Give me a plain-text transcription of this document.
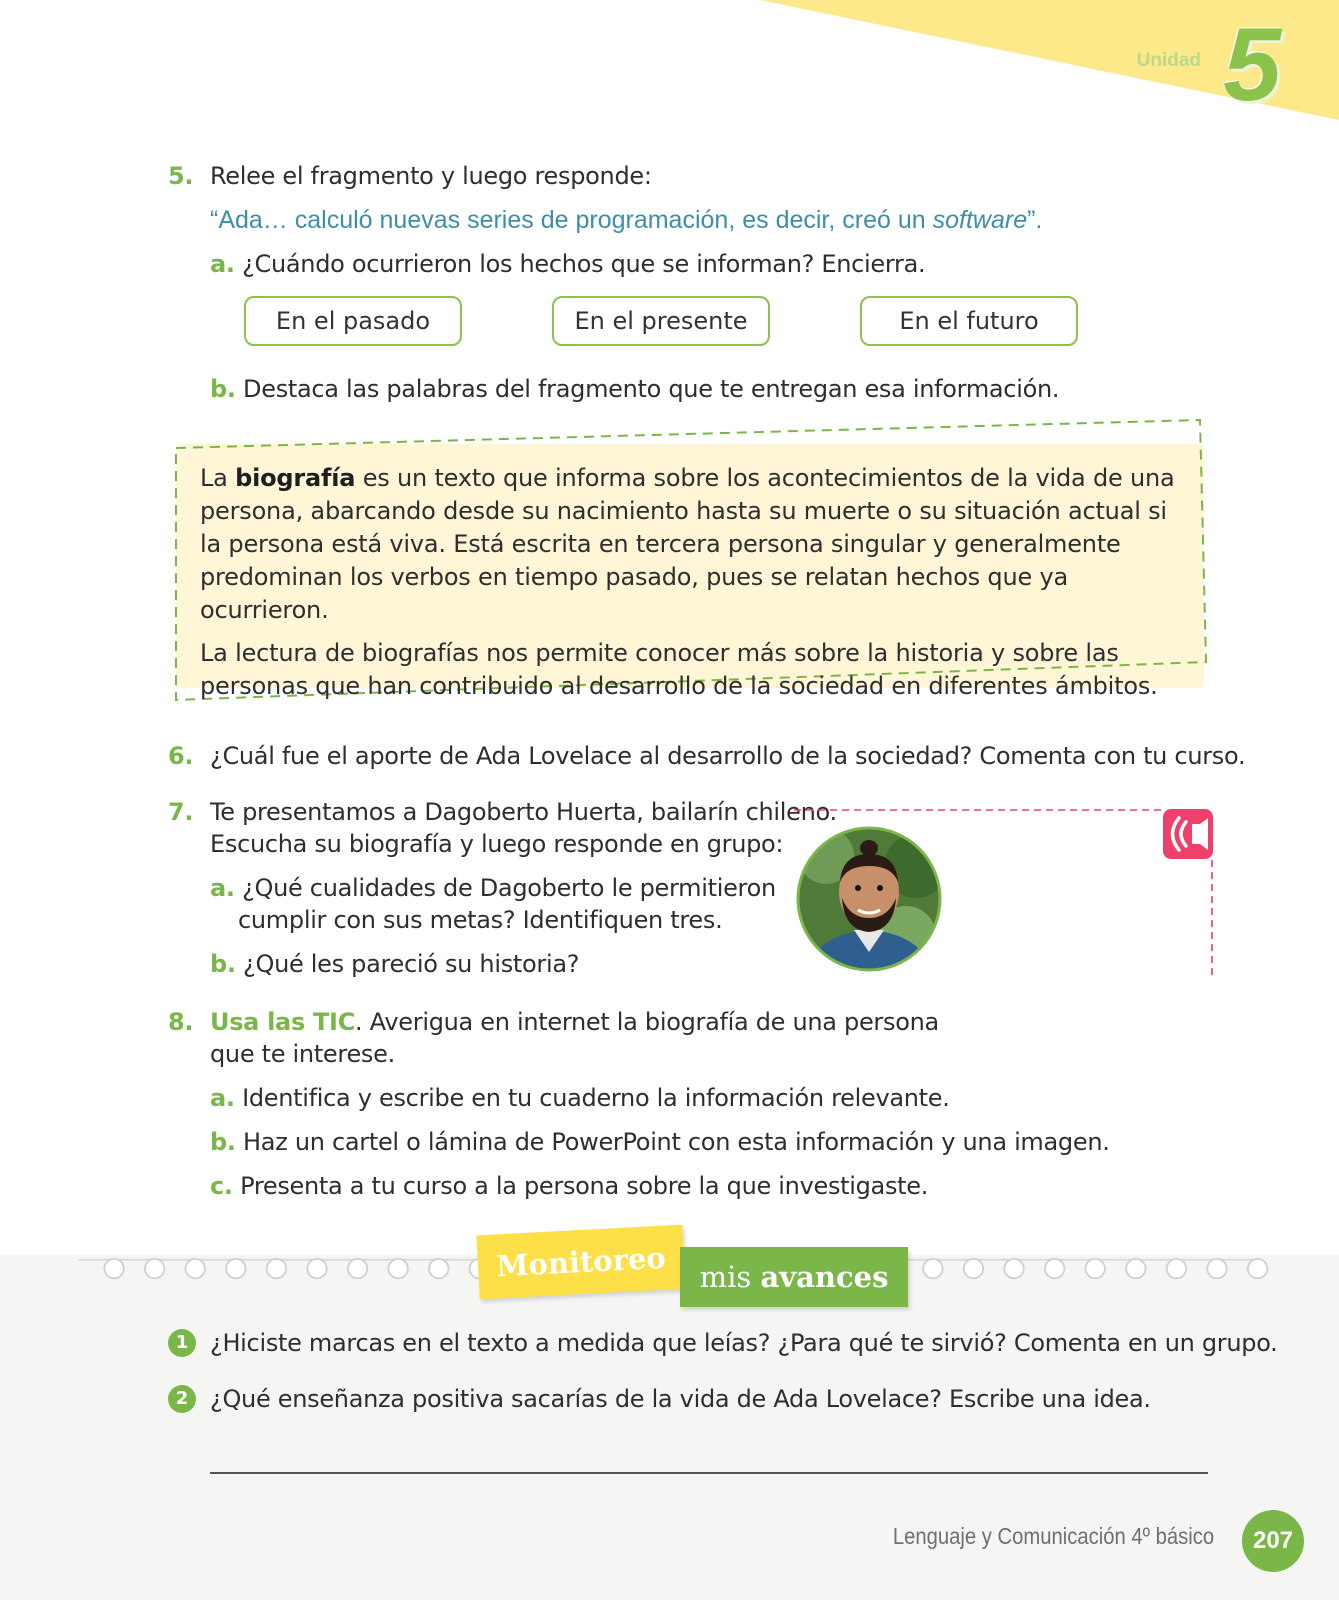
Unidad 5
5. Relee el fragmento y luego responde:
“Ada… calculó nuevas series de programación, es decir, creó un software”.
a. ¿Cuándo ocurrieron los hechos que se informan? Encierra.
En el pasado	En el presente	En el futuro
b. Destaca las palabras del fragmento que te entregan esa información.

La biografía es un texto que informa sobre los acontecimientos de la vida de una persona, abarcando desde su nacimiento hasta su muerte o su situación actual si la persona está viva. Está escrita en tercera persona singular y generalmente predominan los verbos en tiempo pasado, pues se relatan hechos que ya ocurrieron.

La lectura de biografías nos permite conocer más sobre la historia y sobre las personas que han contribuido al desarrollo de la sociedad en diferentes ámbitos.

6. ¿Cuál fue el aporte de Ada Lovelace al desarrollo de la sociedad? Comenta con tu curso.
7. Te presentamos a Dagoberto Huerta, bailarín chileno.
Escucha su biografía y luego responde en grupo:
a. ¿Qué cualidades de Dagoberto le permitieron
cumplir con sus metas? Identifiquen tres.
b. ¿Qué les pareció su historia?
8. Usa las TIC. Averigua en internet la biografía de una persona
que te interese.
a. Identifica y escribe en tu cuaderno la información relevante.
b. Haz un cartel o lámina de PowerPoint con esta información y una imagen.
c. Presenta a tu curso a la persona sobre la que investigaste.
Monitoreo	mis avances
1 ¿Hiciste marcas en el texto a medida que leías? ¿Para qué te sirvió? Comenta en un grupo.
2 ¿Qué enseñanza positiva sacarías de la vida de Ada Lovelace? Escribe una idea.
Lenguaje y Comunicación 4º básico	207
